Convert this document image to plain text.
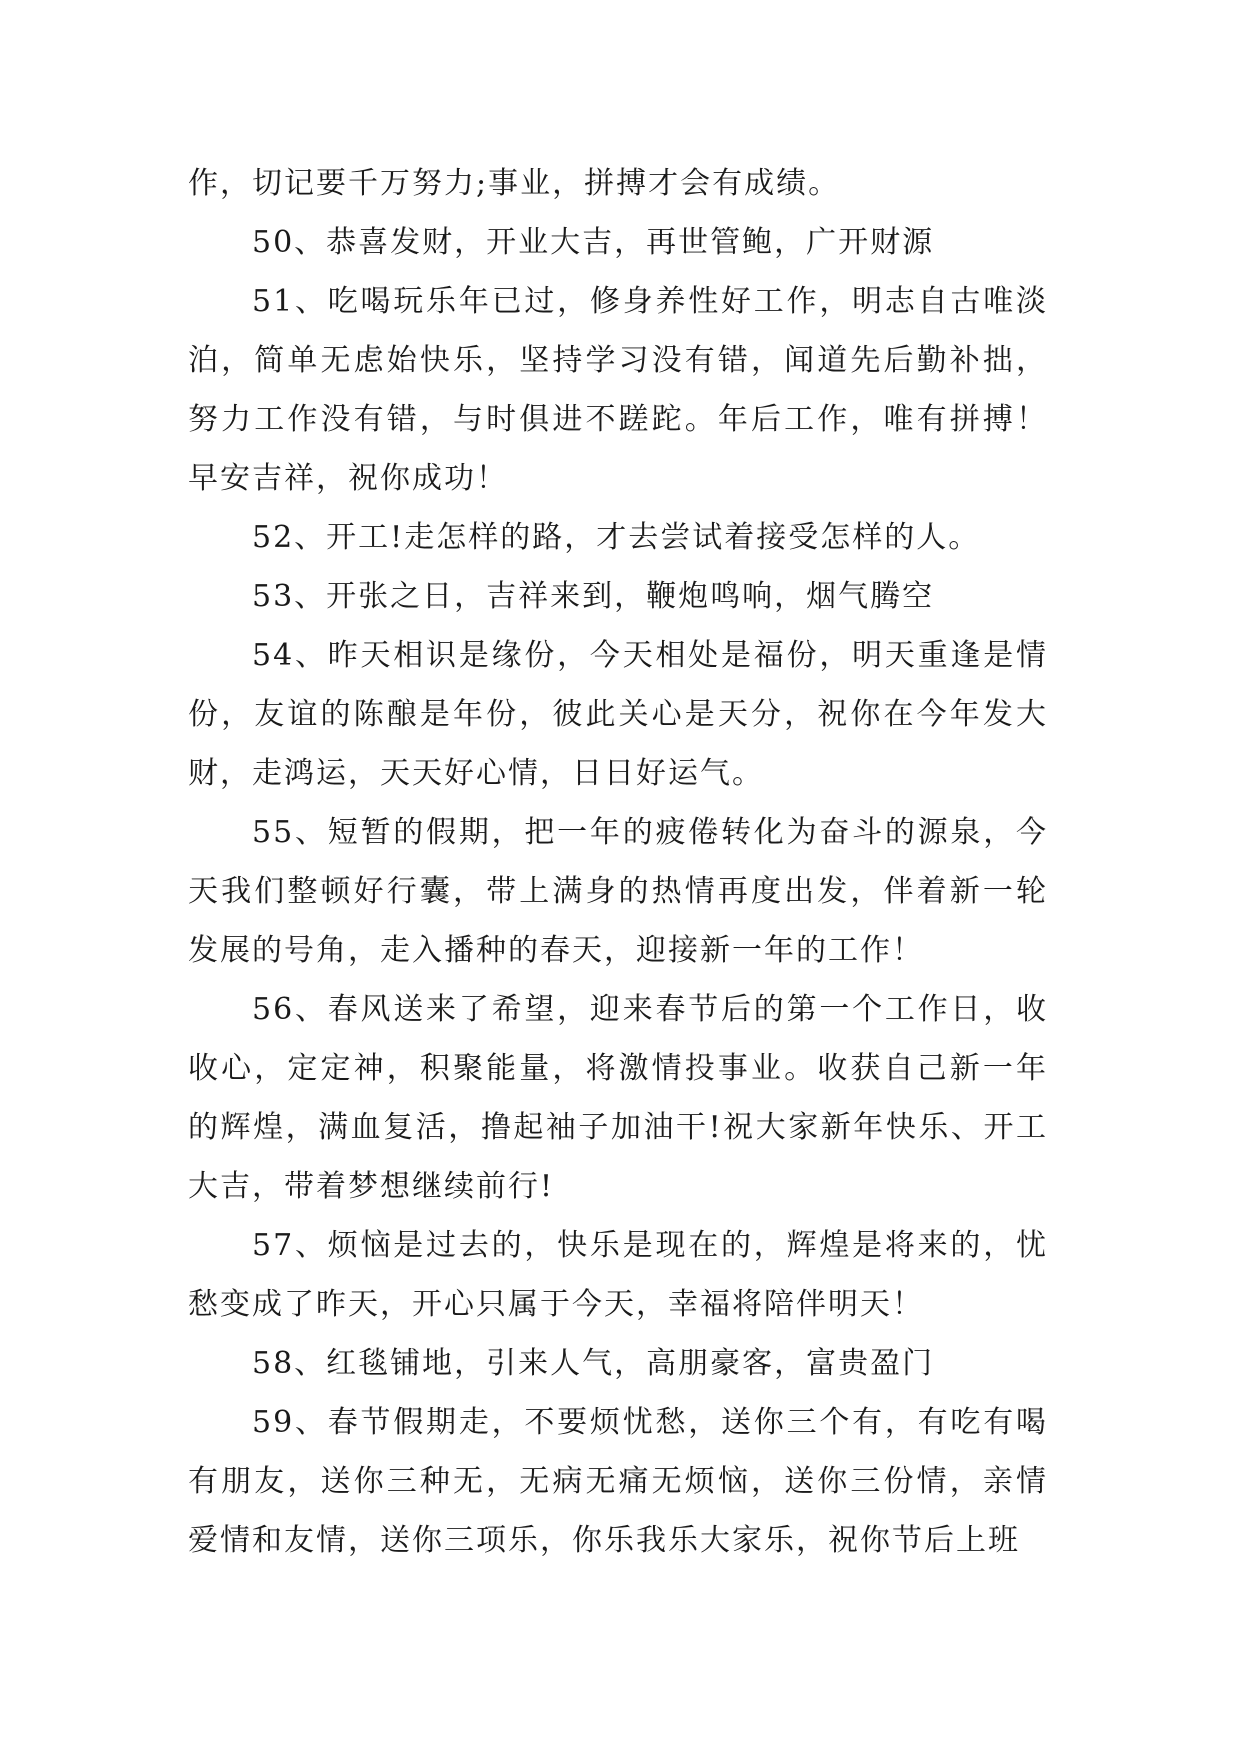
作，切记要千万努力;事业，拼搏才会有成绩。

50、恭喜发财，开业大吉，再世管鲍，广开财源

51、吃喝玩乐年已过，修身养性好工作，明志自古唯淡泊，简单无虑始快乐，坚持学习没有错，闻道先后勤补拙，努力工作没有错，与时俱进不蹉跎。年后工作，唯有拼搏！早安吉祥，祝你成功！

52、开工!走怎样的路，才去尝试着接受怎样的人。

53、开张之日，吉祥来到，鞭炮鸣响，烟气腾空

54、昨天相识是缘份，今天相处是福份，明天重逢是情份，友谊的陈酿是年份，彼此关心是天分，祝你在今年发大财，走鸿运，天天好心情，日日好运气。

55、短暂的假期，把一年的疲倦转化为奋斗的源泉，今天我们整顿好行囊，带上满身的热情再度出发，伴着新一轮发展的号角，走入播种的春天，迎接新一年的工作！

56、春风送来了希望，迎来春节后的第一个工作日，收收心，定定神，积聚能量，将激情投事业。收获自己新一年的辉煌，满血复活，撸起袖子加油干!祝大家新年快乐、开工大吉，带着梦想继续前行!

57、烦恼是过去的，快乐是现在的，辉煌是将来的，忧愁变成了昨天，开心只属于今天，幸福将陪伴明天！

58、红毯铺地，引来人气，高朋豪客，富贵盈门

59、春节假期走，不要烦忧愁，送你三个有，有吃有喝有朋友，送你三种无，无病无痛无烦恼，送你三份情，亲情爱情和友情，送你三项乐，你乐我乐大家乐，祝你节后上班
